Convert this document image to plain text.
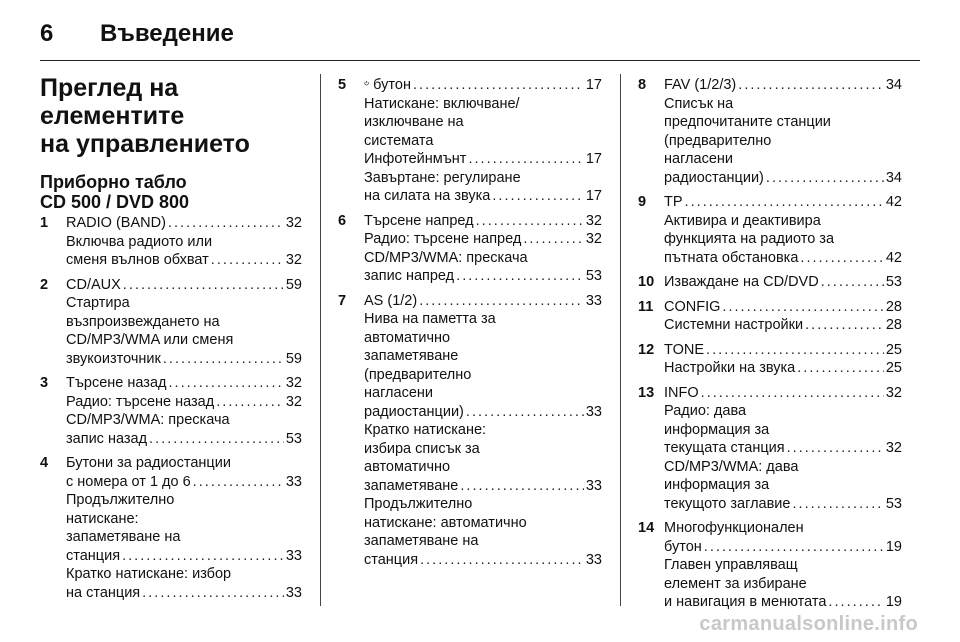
6	Въведение
Преглед на елементите
на управлението
Приборно табло
CD 500 / DVD 800
1	RADIO (BAND) . . .	32
Включва радиото или
сменя вълнов обхват . . .	32
2	CD/AUX . . .	59
Стартира
възпроизвеждането на
CD/MP3/WMA или сменя
звукоизточник . . .	59
3	Търсене назад . . .	32
Радио: търсене назад . . .	32
CD/MP3/WMA: прескача
запис назад . . .	53
4	Бутони за радиостанции
с номера от 1 до 6 . . .	33
Продължително
натискане:
запаметяване на
станция . . .	33
Кратко натискане: избор
на станция . . .	33
5	бутон . . .	17
Натискане: включване/
изключване на
системата
Инфотейнмънт . . .	17
Завъртане: регулиране
на силата на звука . . .	17
6	Търсене напред . . .	32
Радио: търсене напред . . .	32
CD/MP3/WMA: прескача
запис напред . . .	53
7	AS (1/2) . . .	33
Нива на паметта за
автоматично
запаметяване
(предварително
нагласени
радиостанции) . . .	33
Кратко натискане:
избира списък за
автоматично
запаметяване . . .	33
Продължително
натискане: автоматично
запаметяване на
станция . . .	33
8	FAV (1/2/3) . . .	34
Списък на
предпочитаните станции
(предварително
нагласени
радиостанции) . . .	34
9	TP . . .	42
Активира и деактивира
функцията на радиото за
пътната обстановка . . .	42
10 Изваждане на CD/DVD . . .	53
11 CONFIG . . .	28
Системни настройки . . .	28
12 TONE . . .	25
Настройки на звука . . .	25
13 INFO . . .	32
Радио: дава
информация за
текущата станция . . .	32
CD/MP3/WMA: дава
информация за
текущото заглавие . . .	53
14 Многофункционален
бутон . . .	19
Главен управляващ
елемент за избиране
и навигация в менютата . . .	19
carmanualsonline.info
